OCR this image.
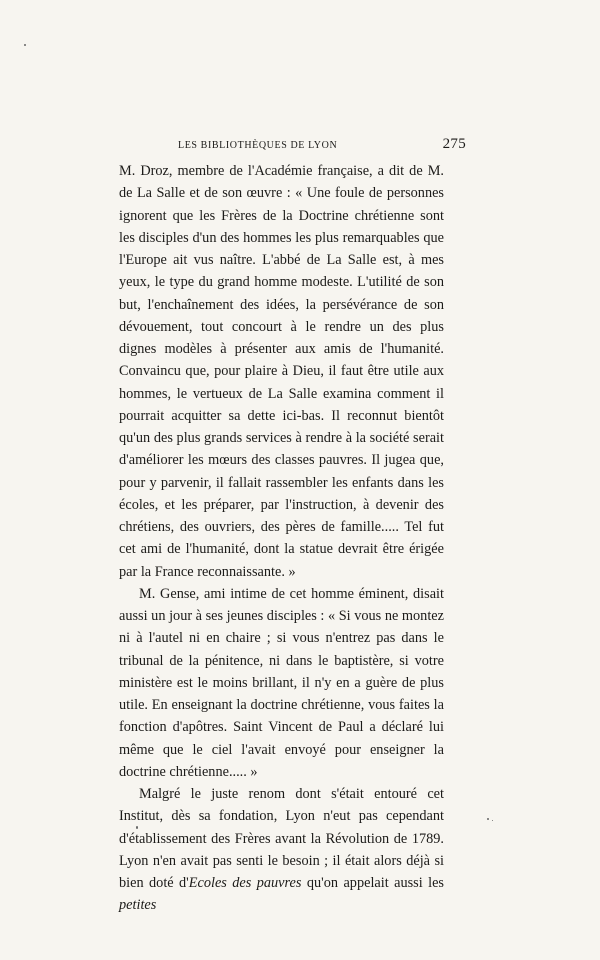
LES BIBLIOTHÈQUES DE LYON	275

M. Droz, membre de l'Académie française, a dit de M. de La Salle et de son œuvre : « Une foule de personnes ignorent que les Frères de la Doctrine chrétienne sont les disciples d'un des hommes les plus remarquables que l'Europe ait vus naître. L'abbé de La Salle est, à mes yeux, le type du grand homme modeste. L'utilité de son but, l'enchaînement des idées, la persévérance de son dévouement, tout concourt à le rendre un des plus dignes modèles à présenter aux amis de l'humanité. Convaincu que, pour plaire à Dieu, il faut être utile aux hommes, le vertueux de La Salle examina comment il pourrait acquitter sa dette ici-bas. Il reconnut bientôt qu'un des plus grands services à rendre à la société serait d'améliorer les mœurs des classes pauvres. Il jugea que, pour y parvenir, il fallait rassembler les enfants dans les écoles, et les préparer, par l'instruction, à devenir des chrétiens, des ouvriers, des pères de famille..... Tel fut cet ami de l'humanité, dont la statue devrait être érigée par la France reconnaissante. »

M. Gense, ami intime de cet homme éminent, disait aussi un jour à ses jeunes disciples : « Si vous ne montez ni à l'autel ni en chaire ; si vous n'entrez pas dans le tribunal de la pénitence, ni dans le baptistère, si votre ministère est le moins brillant, il n'y en a guère de plus utile. En enseignant la doctrine chrétienne, vous faites la fonction d'apôtres. Saint Vincent de Paul a déclaré lui même que le ciel l'avait envoyé pour enseigner la doctrine chrétienne..... »

Malgré le juste renom dont s'était entouré cet Institut, dès sa fondation, Lyon n'eut pas cependant d'établissement des Frères avant la Révolution de 1789. Lyon n'en avait pas senti le besoin ; il était alors déjà si bien doté d'Ecoles des pauvres qu'on appelait aussi les petites
